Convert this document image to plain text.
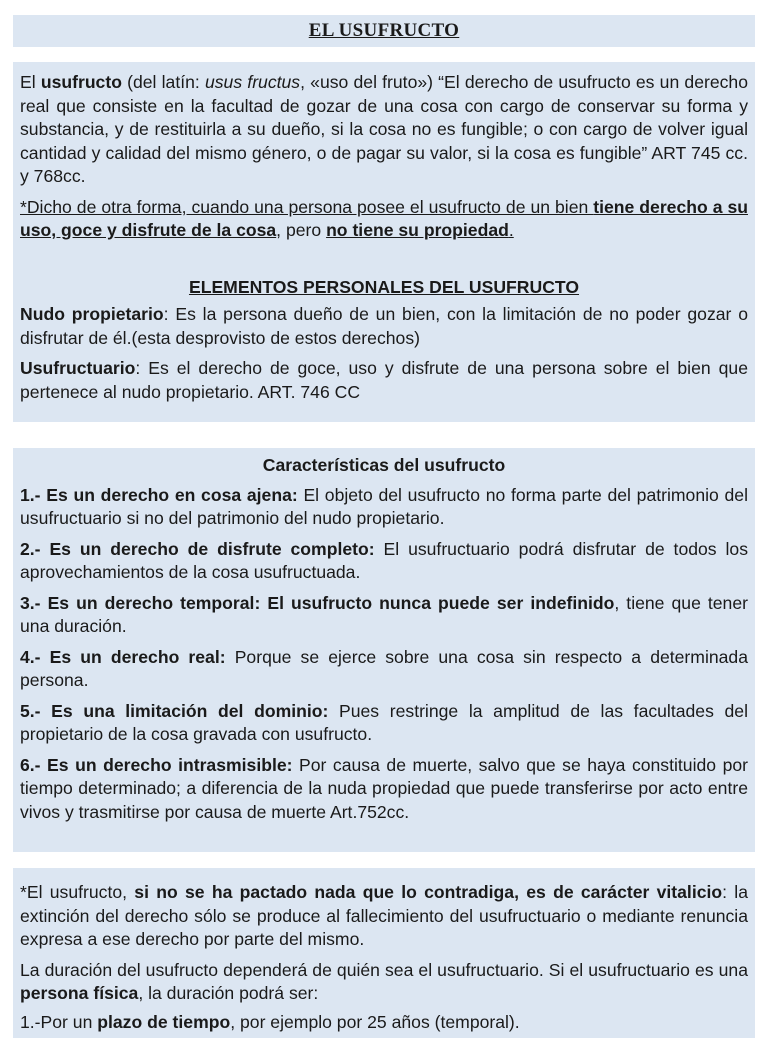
EL USUFRUCTO

El usufructo (del latín: usus fructus, «uso del fruto») “El derecho de usufructo es un derecho real que consiste en la facultad de gozar de una cosa con cargo de conservar su forma y substancia, y de restituirla a su dueño, si la cosa no es fungible; o con cargo de volver igual cantidad y calidad del mismo género, o de pagar su valor, si la cosa es fungible” ART 745 cc. y 768cc.

*Dicho de otra forma, cuando una persona posee el usufructo de un bien tiene derecho a su uso, goce y disfrute de la cosa, pero no tiene su propiedad.

ELEMENTOS PERSONALES DEL USUFRUCTO

Nudo propietario: Es la persona dueño de un bien, con la limitación de no poder gozar o disfrutar de él.(esta desprovisto de estos derechos)

Usufructuario: Es el derecho de goce, uso y disfrute de una persona sobre el bien que pertenece al nudo propietario. ART. 746 CC

Características del usufructo

1.- Es un derecho en cosa ajena: El objeto del usufructo no forma parte del patrimonio del usufructuario si no del patrimonio del nudo propietario.

2.- Es un derecho de disfrute completo: El usufructuario podrá disfrutar de todos los aprovechamientos de la cosa usufructuada.

3.- Es un derecho temporal: El usufructo nunca puede ser indefinido, tiene que tener una duración.

4.- Es un derecho real: Porque se ejerce sobre una cosa sin respecto a determinada persona.

5.- Es una limitación del dominio: Pues restringe la amplitud de las facultades del propietario de la cosa gravada con usufructo.

6.- Es un derecho intrasmisible: Por causa de muerte, salvo que se haya constituido por tiempo determinado; a diferencia de la nuda propiedad que puede transferirse por acto entre vivos y trasmitirse por causa de muerte Art.752cc.

*El usufructo, si no se ha pactado nada que lo contradiga, es de carácter vitalicio: la extinción del derecho sólo se produce al fallecimiento del usufructuario o mediante renuncia expresa a ese derecho por parte del mismo.

La duración del usufructo dependerá de quién sea el usufructuario. Si el usufructuario es una persona física, la duración podrá ser:

1.-Por un plazo de tiempo, por ejemplo por 25 años (temporal).
